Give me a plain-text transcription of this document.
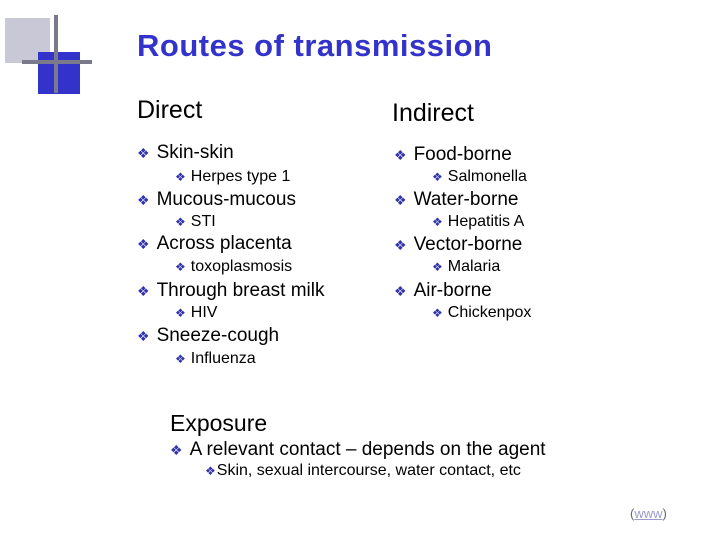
Routes of transmission
Direct
❖ Skin-skin
❖ Herpes type 1
❖ Mucous-mucous
❖ STI
❖ Across placenta
❖ toxoplasmosis
❖ Through breast milk
❖ HIV
❖ Sneeze-cough
❖ Influenza
Indirect
❖ Food-borne
❖ Salmonella
❖ Water-borne
❖ Hepatitis A
❖ Vector-borne
❖ Malaria
❖ Air-borne
❖ Chickenpox
Exposure
❖ A relevant contact – depends on the agent
❖ Skin, sexual intercourse, water contact, etc
(www)
